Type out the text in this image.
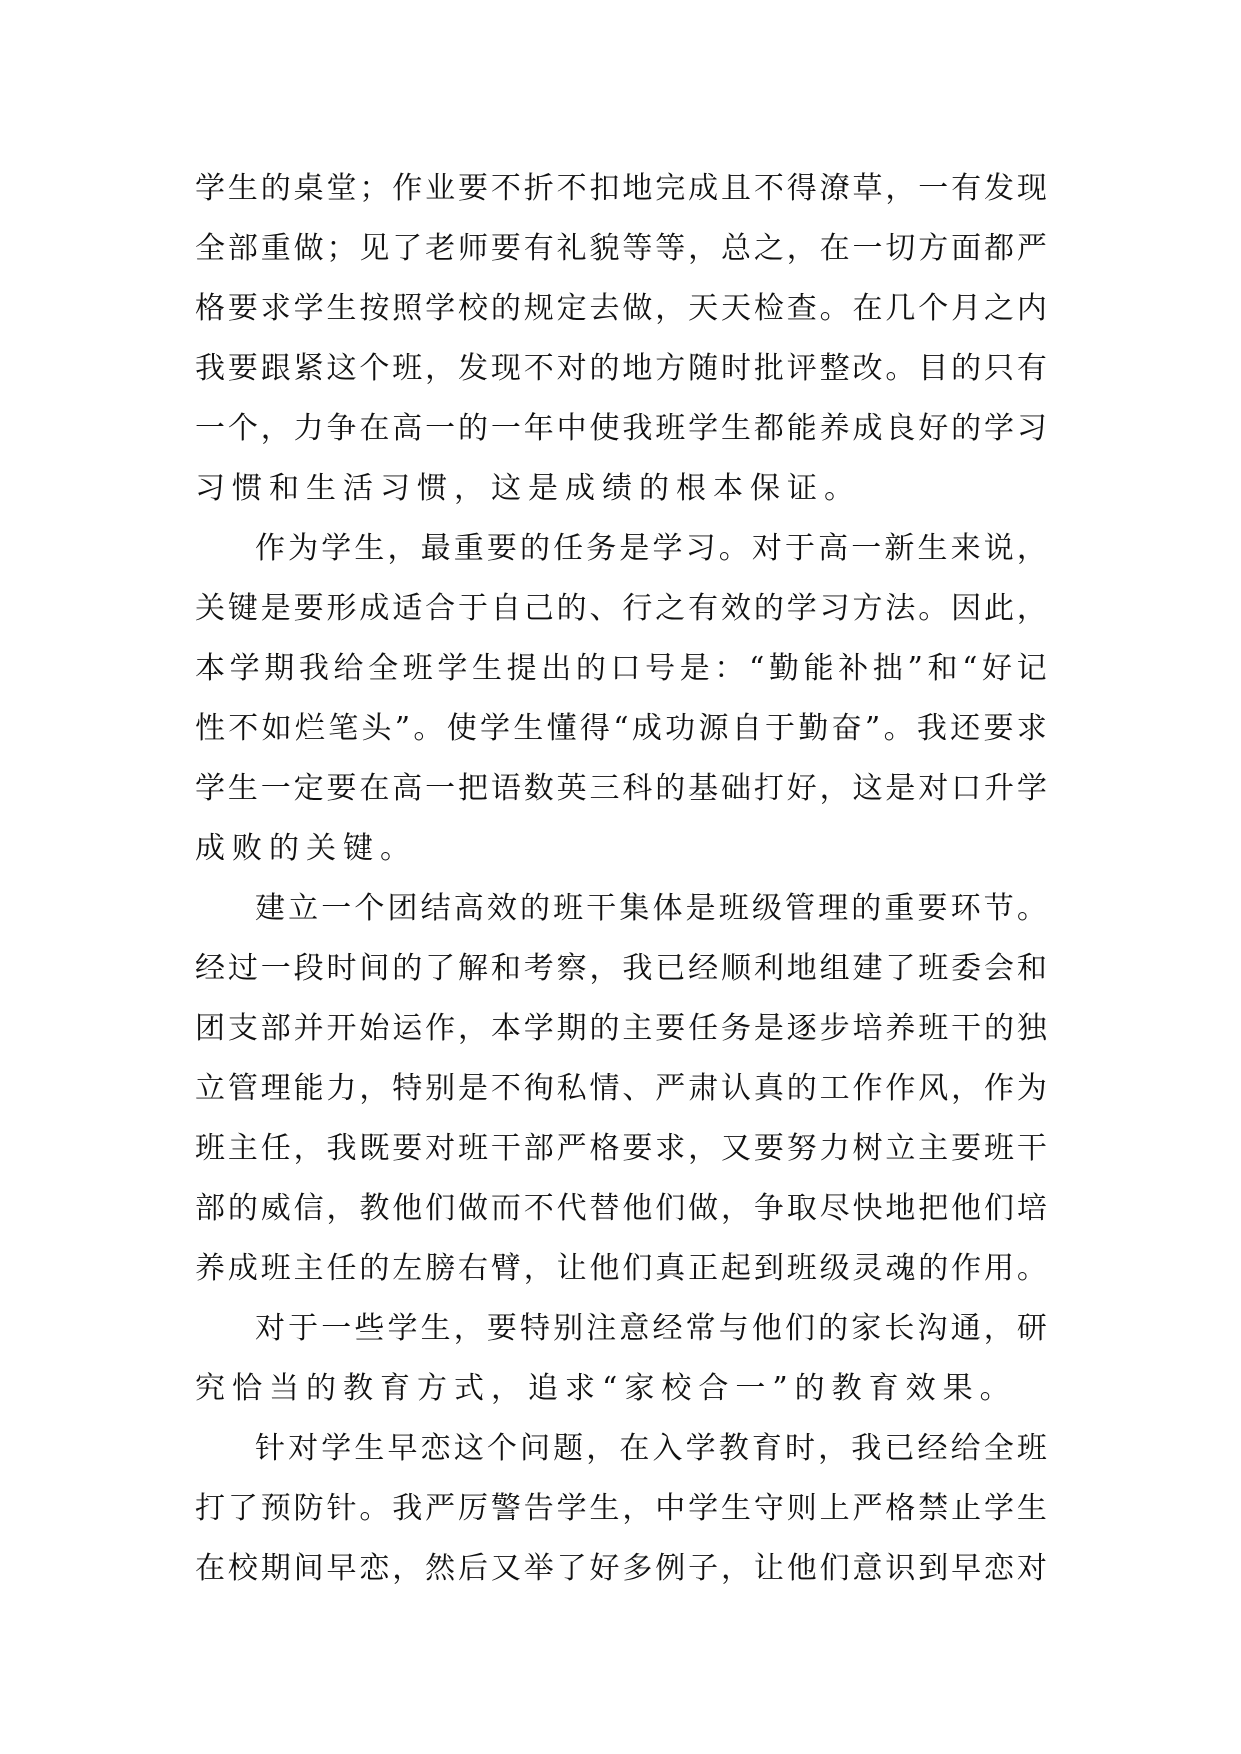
学 生 的 桌 堂 ； 作 业 要 不 折 不 扣 地 完 成 且 不 得 潦 草 ， 一 有 发 现
全 部 重 做 ； 见 了 老 师 要 有 礼 貌 等 等 ， 总 之 ， 在 一 切 方 面 都 严
格 要 求 学 生 按 照 学 校 的 规 定 去 做 ， 天 天 检 查 。 在 几 个 月 之 内
我 要 跟 紧 这 个 班 ， 发 现 不 对 的 地 方 随 时 批 评 整 改 。 目 的 只 有
一 个 ， 力 争 在 高 一 的 一 年 中 使 我 班 学 生 都 能 养 成 良 好 的 学 习
习惯和生活习惯，这是成绩的根本保证。
作 为 学 生 ， 最 重 要 的 任 务 是 学 习 。 对 于 高 一 新 生 来 说 ，
关 键 是 要 形 成 适 合 于 自 己 的 、 行 之 有 效 的 学 习 方 法 。 因 此 ，
本 学 期 我 给 全 班 学 生 提 出 的 口 号 是 ： “ 勤 能 补 拙 ” 和 “ 好 记
性 不 如 烂 笔 头 ” 。 使 学 生 懂 得 “ 成 功 源 自 于 勤 奋 ” 。 我 还 要 求
学 生 一 定 要 在 高 一 把 语 数 英 三 科 的 基 础 打 好 ， 这 是 对 口 升 学
成败的关键。
建 立 一 个 团 结 高 效 的 班 干 集 体 是 班 级 管 理 的 重 要 环 节 。
经 过 一 段 时 间 的 了 解 和 考 察 ， 我 已 经 顺 利 地 组 建 了 班 委 会 和
团 支 部 并 开 始 运 作 ， 本 学 期 的 主 要 任 务 是 逐 步 培 养 班 干 的 独
立 管 理 能 力 ， 特 别 是 不 徇 私 情 、 严 肃 认 真 的 工 作 作 风 ， 作 为
班 主 任 ， 我 既 要 对 班 干 部 严 格 要 求 ， 又 要 努 力 树 立 主 要 班 干
部 的 威 信 ， 教 他 们 做 而 不 代 替 他 们 做 ， 争 取 尽 快 地 把 他 们 培
养 成 班 主 任 的 左 膀 右 臂 ， 让 他 们 真 正 起 到 班 级 灵 魂 的 作 用 。
对 于 一 些 学 生 ， 要 特 别 注 意 经 常 与 他 们 的 家 长 沟 通 ， 研
究恰当的教育方式，追求“家校合一”的教育效果。
针 对 学 生 早 恋 这 个 问 题 ， 在 入 学 教 育 时 ， 我 已 经 给 全 班
打 了 预 防 针 。 我 严 厉 警 告 学 生 ， 中 学 生 守 则 上 严 格 禁 止 学 生
在 校 期 间 早 恋 ， 然 后 又 举 了 好 多 例 子 ， 让 他 们 意 识 到 早 恋 对
